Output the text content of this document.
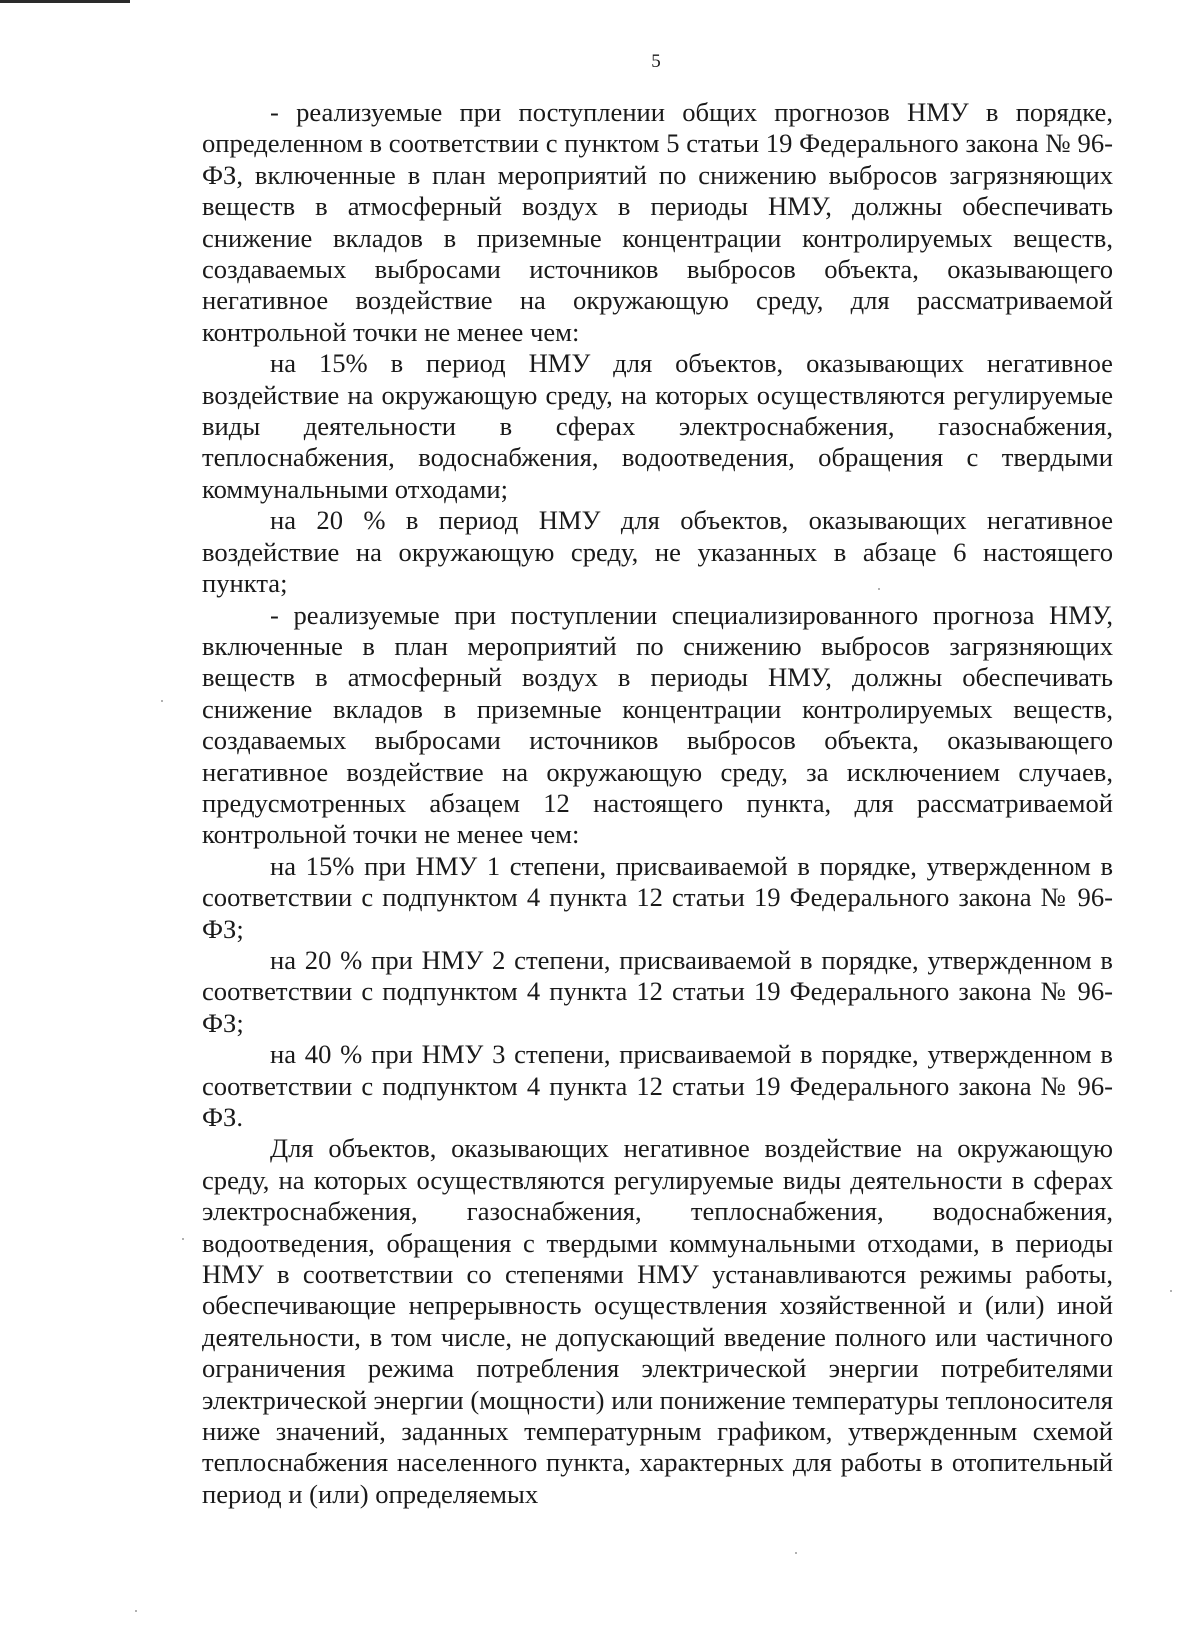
5

- реализуемые при поступлении общих прогнозов НМУ в порядке, определенном в соответствии с пунктом 5 статьи 19 Федерального закона № 96-ФЗ, включенные в план мероприятий по снижению выбросов загрязняющих веществ в атмосферный воздух в периоды НМУ, должны обеспечивать снижение вкладов в приземные концентрации контролируемых веществ, создаваемых выбросами источников выбросов объекта, оказывающего негативное воздействие на окружающую среду, для рассматриваемой контрольной точки не менее чем:

на 15% в период НМУ для объектов, оказывающих негативное воздействие на окружающую среду, на которых осуществляются регулируемые виды деятельности в сферах электроснабжения, газоснабжения, теплоснабжения, водоснабжения, водоотведения, обращения с твердыми коммунальными отходами;

на 20 % в период НМУ для объектов, оказывающих негативное воздействие на окружающую среду, не указанных в абзаце 6 настоящего пункта;

- реализуемые при поступлении специализированного прогноза НМУ, включенные в план мероприятий по снижению выбросов загрязняющих веществ в атмосферный воздух в периоды НМУ, должны обеспечивать снижение вкладов в приземные концентрации контролируемых веществ, создаваемых выбросами источников выбросов объекта, оказывающего негативное воздействие на окружающую среду, за исключением случаев, предусмотренных абзацем 12 настоящего пункта, для рассматриваемой контрольной точки не менее чем:

на 15% при НМУ 1 степени, присваиваемой в порядке, утвержденном в соответствии с подпунктом 4 пункта 12 статьи 19 Федерального закона № 96-ФЗ;

на 20 % при НМУ 2 степени, присваиваемой в порядке, утвержденном в соответствии с подпунктом 4 пункта 12 статьи 19 Федерального закона № 96-ФЗ;

на 40 % при НМУ 3 степени, присваиваемой в порядке, утвержденном в соответствии с подпунктом 4 пункта 12 статьи 19 Федерального закона № 96-ФЗ.

Для объектов, оказывающих негативное воздействие на окружающую среду, на которых осуществляются регулируемые виды деятельности в сферах электроснабжения, газоснабжения, теплоснабжения, водоснабжения, водоотведения, обращения с твердыми коммунальными отходами, в периоды НМУ в соответствии со степенями НМУ устанавливаются режимы работы, обеспечивающие непрерывность осуществления хозяйственной и (или) иной деятельности, в том числе, не допускающий введение полного или частичного ограничения режима потребления электрической энергии потребителями электрической энергии (мощности) или понижение температуры теплоносителя ниже значений, заданных температурным графиком, утвержденным схемой теплоснабжения населенного пункта, характерных для работы в отопительный период и (или) определяемых
